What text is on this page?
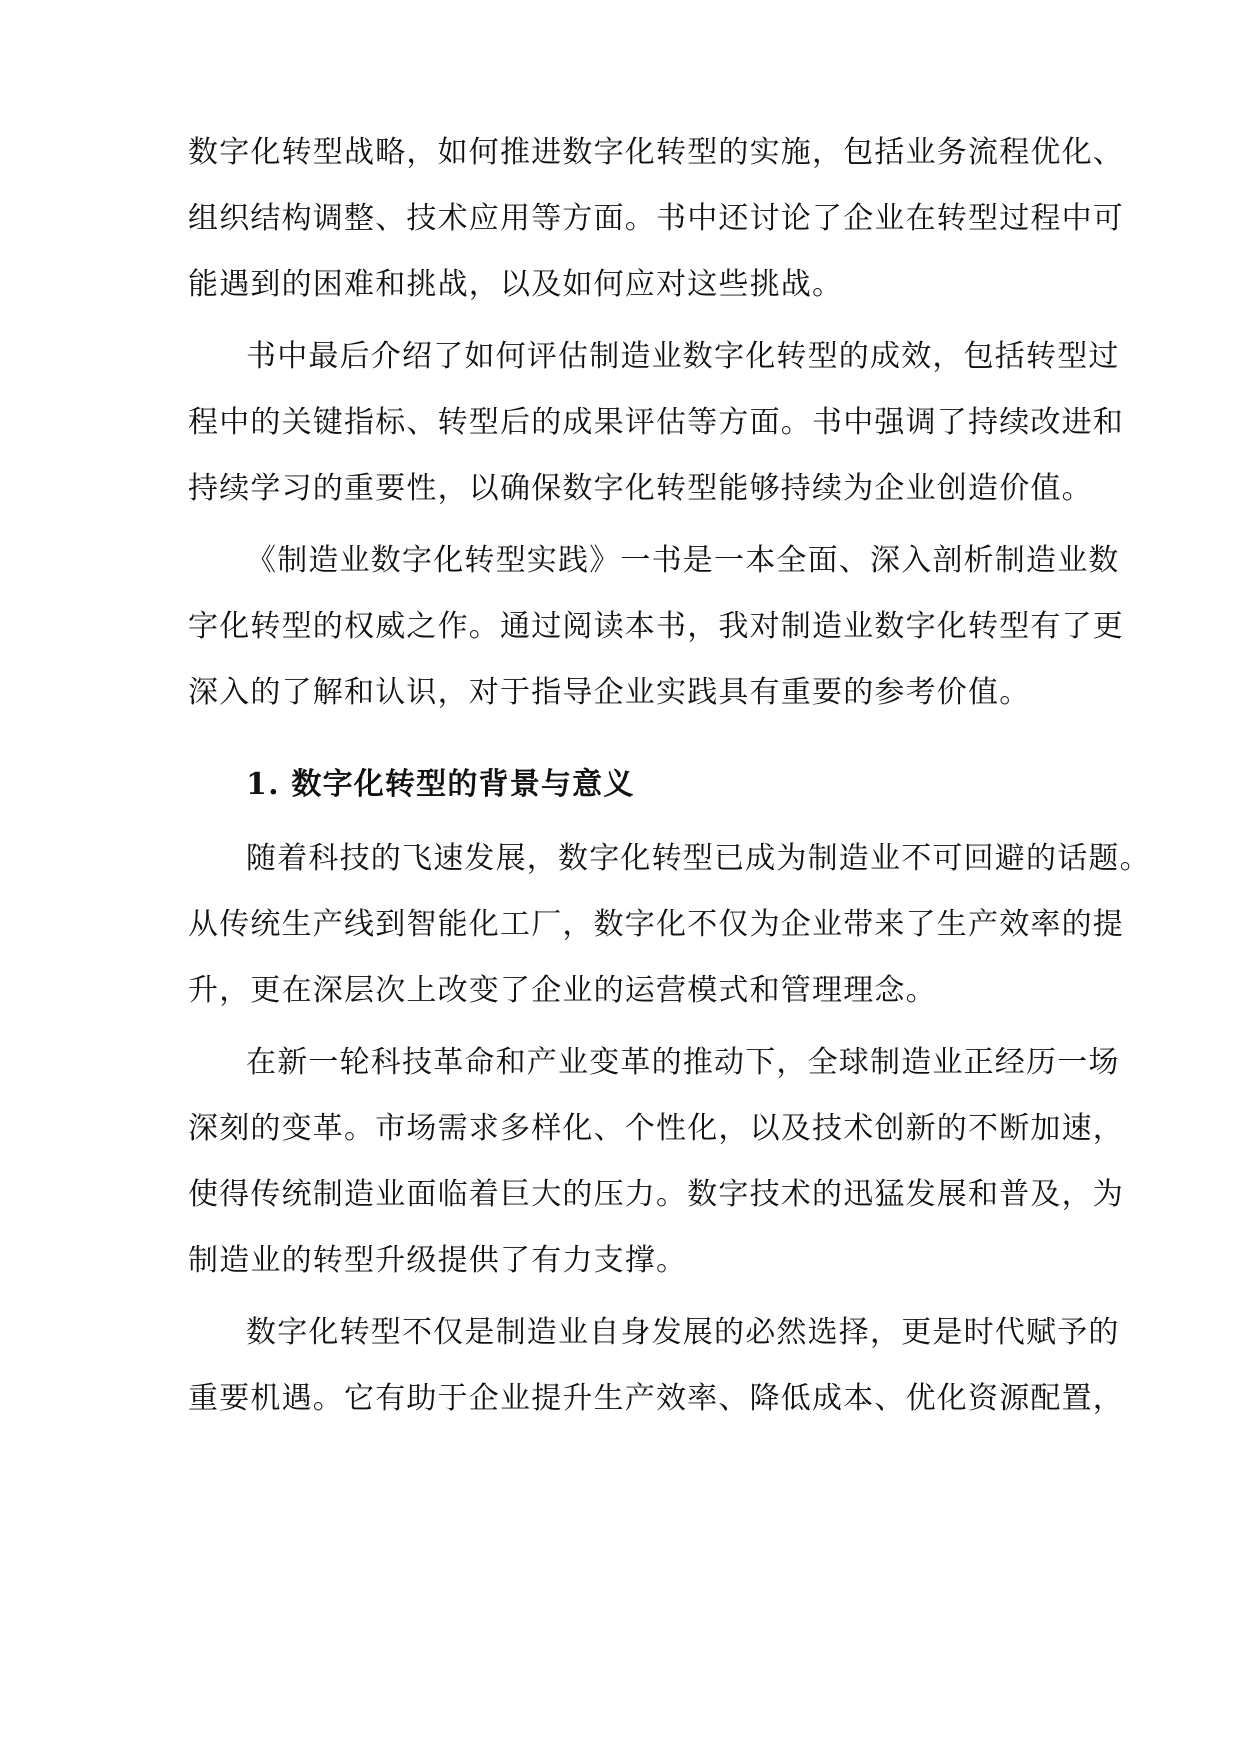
数字化转型战略，如何推进数字化转型的实施，包括业务流程优化、
组织结构调整、技术应用等方面。书中还讨论了企业在转型过程中可
能遇到的困难和挑战，以及如何应对这些挑战。
书中最后介绍了如何评估制造业数字化转型的成效，包括转型过
程中的关键指标、转型后的成果评估等方面。书中强调了持续改进和
持续学习的重要性，以确保数字化转型能够持续为企业创造价值。
《制造业数字化转型实践》一书是一本全面、深入剖析制造业数
字化转型的权威之作。通过阅读本书，我对制造业数字化转型有了更
深入的了解和认识，对于指导企业实践具有重要的参考价值。
1. 数字化转型的背景与意义
随着科技的飞速发展，数字化转型已成为制造业不可回避的话题。
从传统生产线到智能化工厂，数字化不仅为企业带来了生产效率的提
升，更在深层次上改变了企业的运营模式和管理理念。
在新一轮科技革命和产业变革的推动下，全球制造业正经历一场
深刻的变革。市场需求多样化、个性化，以及技术创新的不断加速，
使得传统制造业面临着巨大的压力。数字技术的迅猛发展和普及，为
制造业的转型升级提供了有力支撑。
数字化转型不仅是制造业自身发展的必然选择，更是时代赋予的
重要机遇。它有助于企业提升生产效率、降低成本、优化资源配置，
